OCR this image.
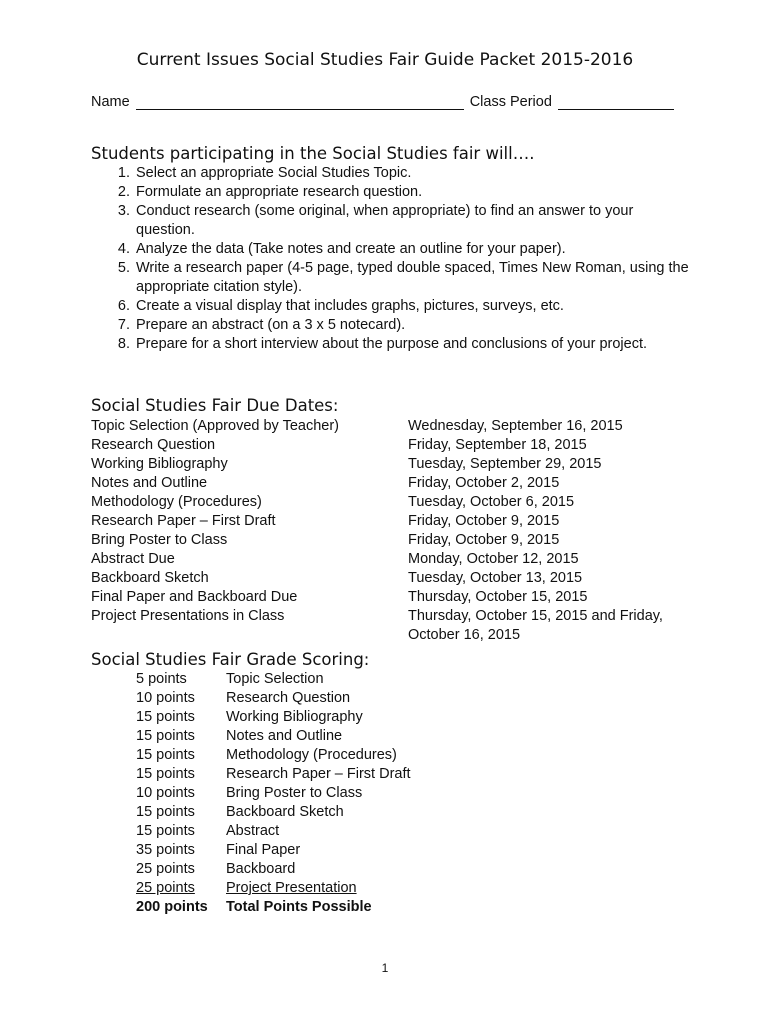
Current Issues Social Studies Fair Guide Packet 2015-2016
Name	Class Period
Students participating in the Social Studies fair will….
1. Select an appropriate Social Studies Topic.
2. Formulate an appropriate research question.
3. Conduct research (some original, when appropriate) to find an answer to your question.
4. Analyze the data (Take notes and create an outline for your paper).
5. Write a research paper (4-5 page, typed double spaced, Times New Roman, using the appropriate citation style).
6. Create a visual display that includes graphs, pictures, surveys, etc.
7. Prepare an abstract (on a 3 x 5 notecard).
8. Prepare for a short interview about the purpose and conclusions of your project.
Social Studies Fair Due Dates:
Topic Selection (Approved by Teacher)	Wednesday, September 16, 2015
Research Question	Friday, September 18, 2015
Working Bibliography	Tuesday, September 29, 2015
Notes and Outline	Friday, October 2, 2015
Methodology (Procedures)	Tuesday, October 6, 2015
Research Paper – First Draft	Friday, October 9, 2015
Bring Poster to Class	Friday, October 9, 2015
Abstract Due	Monday, October 12, 2015
Backboard Sketch	Tuesday, October 13, 2015
Final Paper and Backboard Due	Thursday, October 15, 2015
Project Presentations in Class	Thursday, October 15, 2015 and Friday, October 16, 2015
Social Studies Fair Grade Scoring:
5 points	Topic Selection
10 points	Research Question
15 points	Working Bibliography
15 points	Notes and Outline
15 points	Methodology (Procedures)
15 points	Research Paper – First Draft
10 points	Bring Poster to Class
15 points	Backboard Sketch
15 points	Abstract
35 points	Final Paper
25 points	Backboard
25 points	Project Presentation
200 points	Total Points Possible
1
